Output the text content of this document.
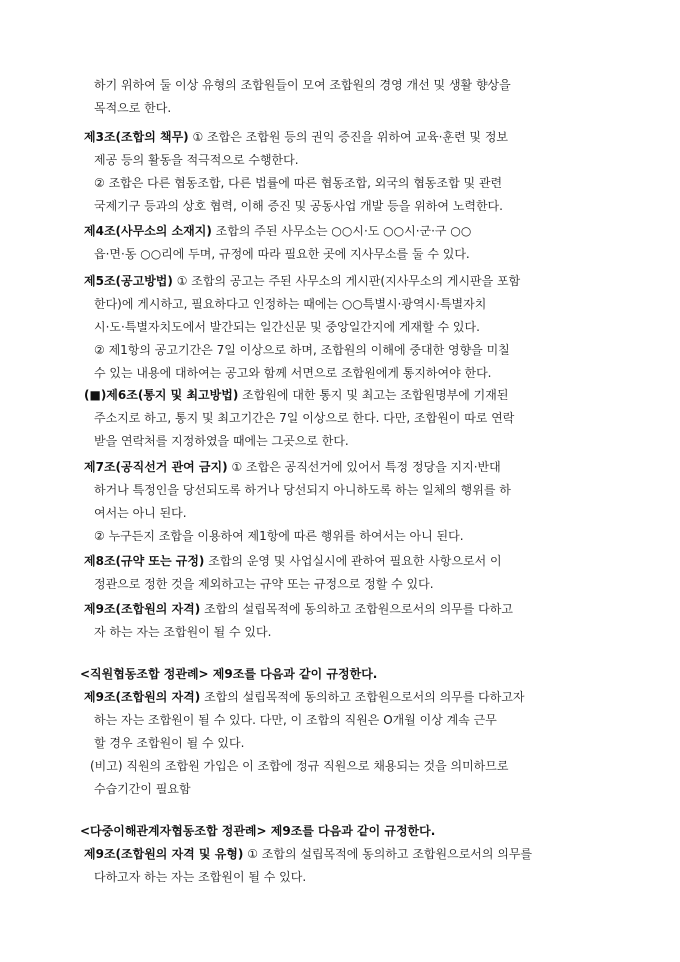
하기 위하여 둘 이상 유형의 조합원들이 모여 조합원의 경영 개선 및 생활 향상을
목적으로 한다.
제3조(조합의 책무) ① 조합은 조합원 등의 권익 증진을 위하여 교육·훈련 및 정보
제공 등의 활동을 적극적으로 수행한다.
② 조합은 다른 협동조합, 다른 법률에 따른 협동조합, 외국의 협동조합 및 관련
국제기구 등과의 상호 협력, 이해 증진 및 공동사업 개발 등을 위하여 노력한다.
제4조(사무소의 소재지) 조합의 주된 사무소는 ○○시·도 ○○시·군·구 ○○
읍·면·동 ○○리에 두며, 규정에 따라 필요한 곳에 지사무소를 둘 수 있다.
제5조(공고방법) ① 조합의 공고는 주된 사무소의 게시판(지사무소의 게시판을 포함
한다)에 게시하고, 필요하다고 인정하는 때에는 ○○특별시·광역시·특별자치
시·도·특별자치도에서 발간되는 일간신문 및 중앙일간지에 게재할 수 있다.
② 제1항의 공고기간은 7일 이상으로 하며, 조합원의 이해에 중대한 영향을 미칠
수 있는 내용에 대하여는 공고와 함께 서면으로 조합원에게 통지하여야 한다.
(■)제6조(통지 및 최고방법) 조합원에 대한 통지 및 최고는 조합원명부에 기재된
주소지로 하고, 통지 및 최고기간은 7일 이상으로 한다. 다만, 조합원이 따로 연락
받을 연락처를 지정하였을 때에는 그곳으로 한다.
제7조(공직선거 관여 금지) ① 조합은 공직선거에 있어서 특정 정당을 지지·반대
하거나 특정인을 당선되도록 하거나 당선되지 아니하도록 하는 일체의 행위를 하
여서는 아니 된다.
② 누구든지 조합을 이용하여 제1항에 따른 행위를 하여서는 아니 된다.
제8조(규약 또는 규정) 조합의 운영 및 사업실시에 관하여 필요한 사항으로서 이
정관으로 정한 것을 제외하고는 규약 또는 규정으로 정할 수 있다.
제9조(조합원의 자격) 조합의 설립목적에 동의하고 조합원으로서의 의무를 다하고
자 하는 자는 조합원이 될 수 있다.
<직원협동조합 정관례> 제9조를 다음과 같이 규정한다.
제9조(조합원의 자격) 조합의 설립목적에 동의하고 조합원으로서의 의무를 다하고자
하는 자는 조합원이 될 수 있다. 다만, 이 조합의 직원은 O개월 이상 계속 근무
할 경우 조합원이 될 수 있다.
(비고) 직원의 조합원 가입은 이 조합에 정규 직원으로 채용되는 것을 의미하므로
수습기간이 필요함
<다중이해관계자협동조합 정관례> 제9조를 다음과 같이 규정한다.
제9조(조합원의 자격 및 유형) ① 조합의 설립목적에 동의하고 조합원으로서의 의무를
다하고자 하는 자는 조합원이 될 수 있다.
